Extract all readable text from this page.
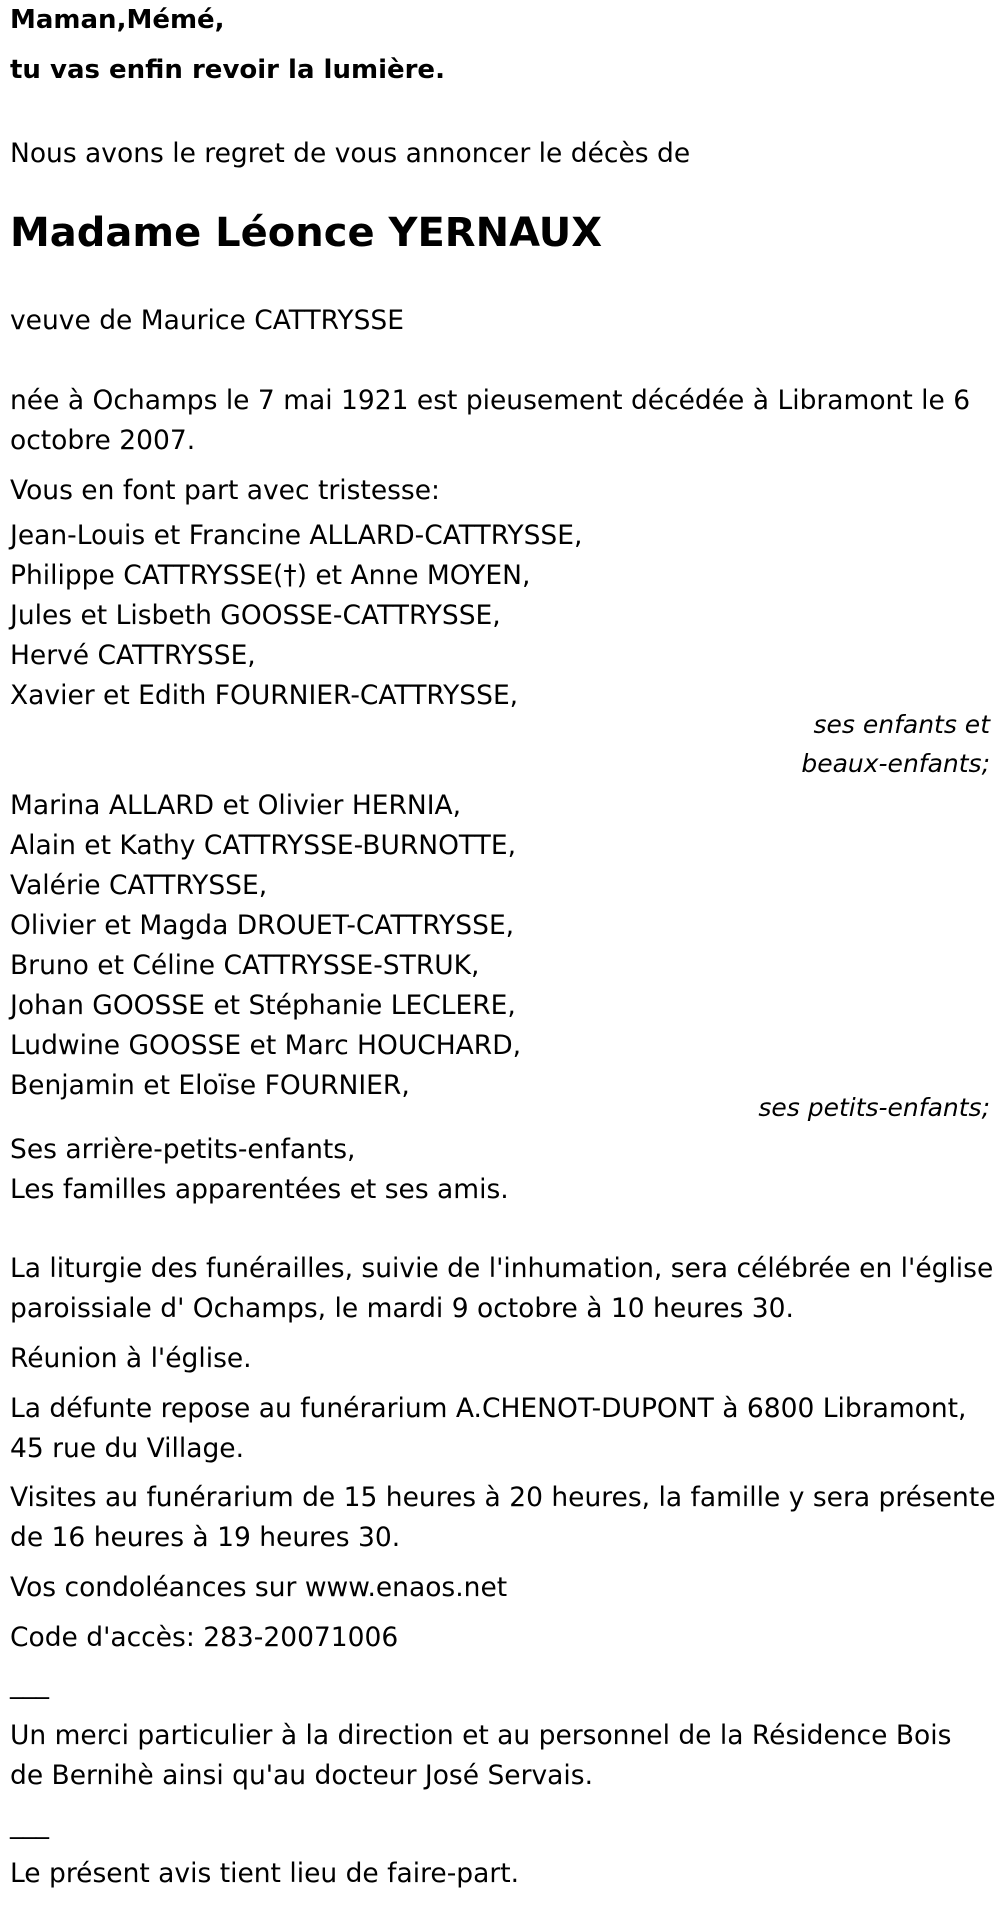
Maman,Mémé,
tu vas enfin revoir la lumière.
Nous avons le regret de vous annoncer le décès de
Madame Léonce YERNAUX
veuve de Maurice CATTRYSSE
née à Ochamps le 7 mai 1921 est pieusement décédée à Libramont le 6
octobre 2007.
Vous en font part avec tristesse:
Jean-Louis et Francine ALLARD-CATTRYSSE,
Philippe CATTRYSSE(†) et Anne MOYEN,
Jules et Lisbeth GOOSSE-CATTRYSSE,
Hervé CATTRYSSE,
Xavier et Edith FOURNIER-CATTRYSSE,
ses enfants et
beaux-enfants;
Marina ALLARD et Olivier HERNIA,
Alain et Kathy CATTRYSSE-BURNOTTE,
Valérie CATTRYSSE,
Olivier et Magda DROUET-CATTRYSSE,
Bruno et Céline CATTRYSSE-STRUK,
Johan GOOSSE et Stéphanie LECLERE,
Ludwine GOOSSE et Marc HOUCHARD,
Benjamin et Eloïse FOURNIER,
ses petits-enfants;
Ses arrière-petits-enfants,
Les familles apparentées et ses amis.
La liturgie des funérailles, suivie de l'inhumation, sera célébrée en l'église
paroissiale d' Ochamps, le mardi 9 octobre à 10 heures 30.
Réunion à l'église.
La défunte repose au funérarium A.CHENOT-DUPONT à 6800 Libramont,
45 rue du Village.
Visites au funérarium de 15 heures à 20 heures, la famille y sera présente
de 16 heures à 19 heures 30.
Vos condoléances sur www.enaos.net
Code d'accès: 283-20071006
___
Un merci particulier à la direction et au personnel de la Résidence Bois
de Bernihè ainsi qu'au docteur José Servais.
___
Le présent avis tient lieu de faire-part.
